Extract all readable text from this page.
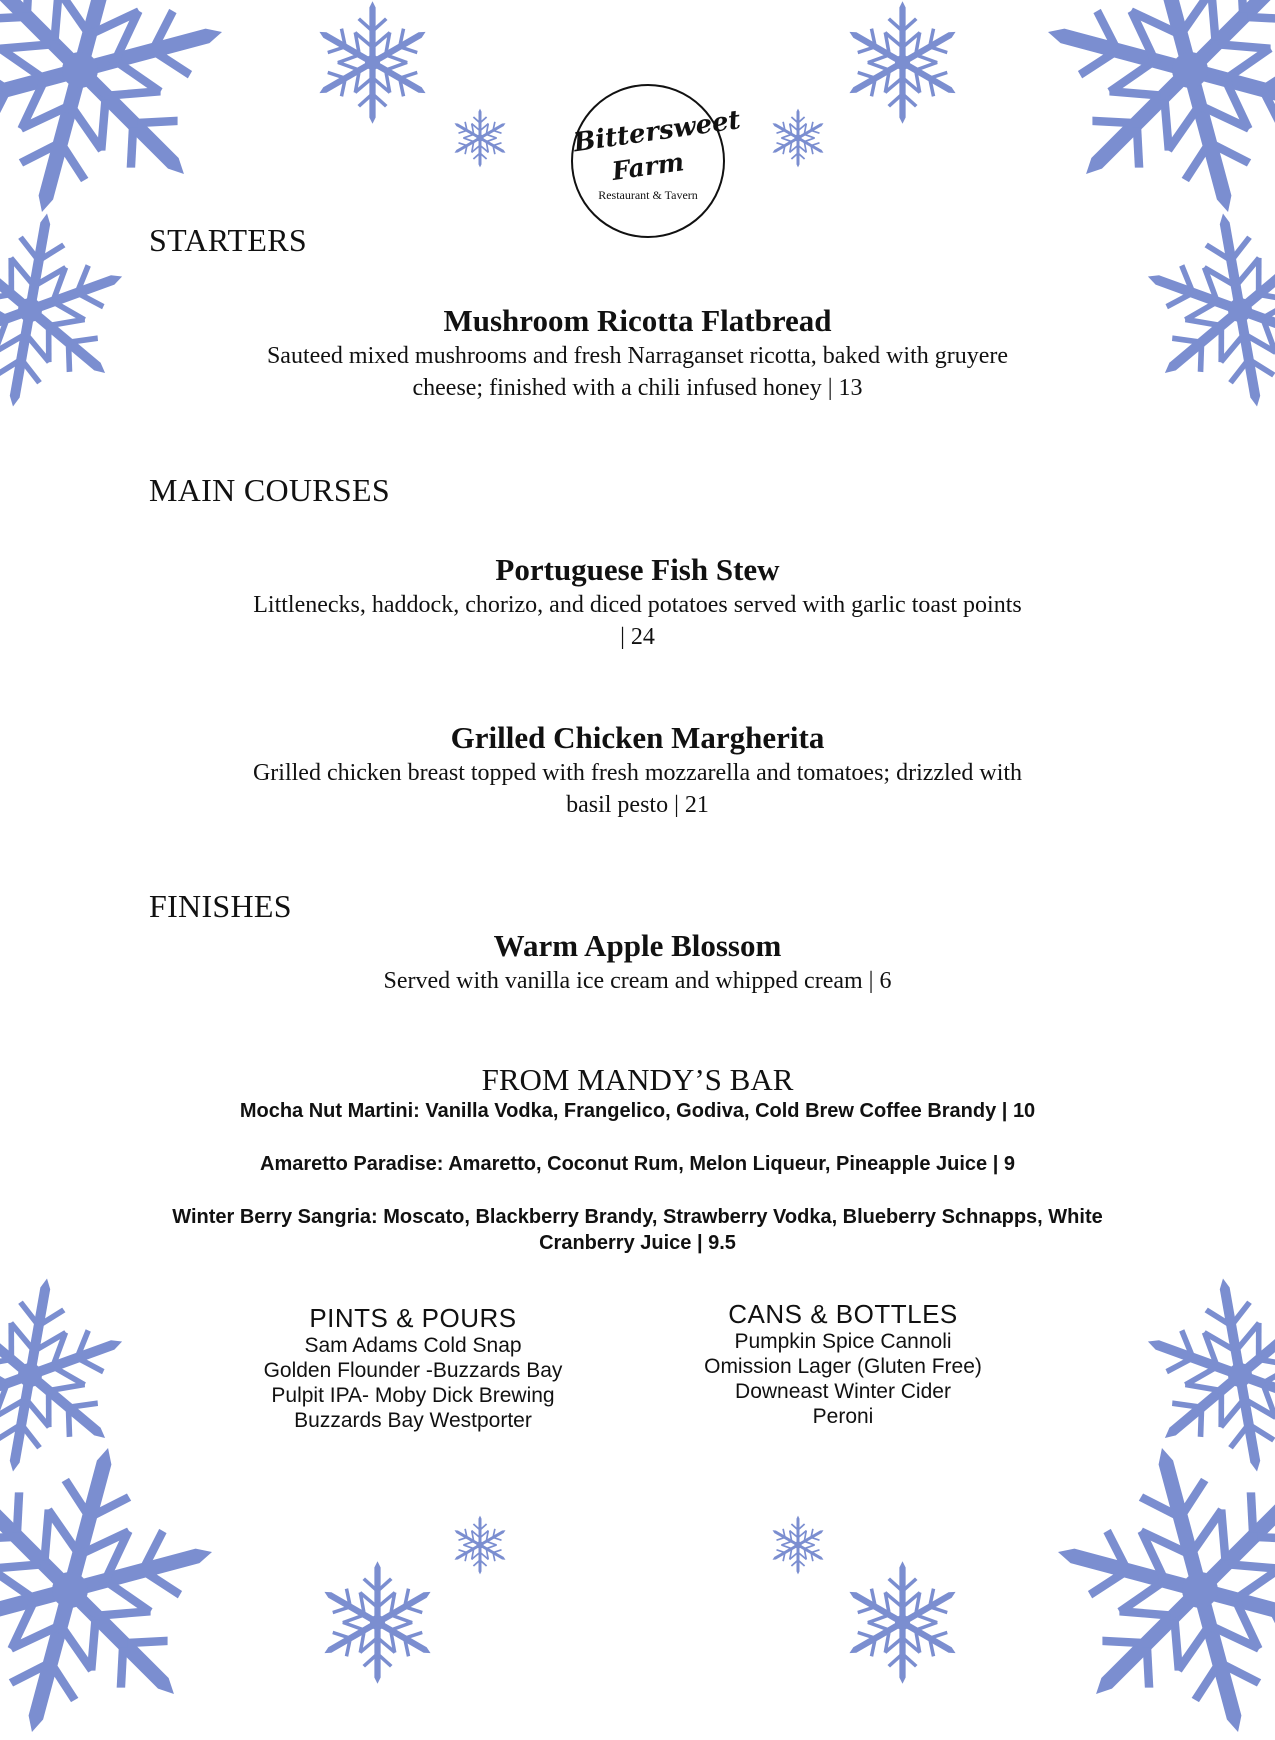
Bittersweet
Farm
Restaurant & Tavern
STARTERS
Mushroom Ricotta Flatbread
Sauteed mixed mushrooms and fresh Narraganset ricotta, baked with gruyere
cheese; finished with a chili infused honey | 13
MAIN COURSES
Portuguese Fish Stew
Littlenecks, haddock, chorizo, and diced potatoes served with garlic toast points
| 24
Grilled Chicken Margherita
Grilled chicken breast topped with fresh mozzarella and tomatoes; drizzled with
basil pesto | 21
FINISHES
Warm Apple Blossom
Served with vanilla ice cream and whipped cream | 6
FROM MANDY’S BAR
Mocha Nut Martini: Vanilla Vodka, Frangelico, Godiva, Cold Brew Coffee Brandy | 10
Amaretto Paradise: Amaretto, Coconut Rum, Melon Liqueur, Pineapple Juice | 9
Winter Berry Sangria: Moscato, Blackberry Brandy, Strawberry Vodka, Blueberry Schnapps, White
Cranberry Juice | 9.5
PINTS & POURS
Sam Adams Cold Snap
Golden Flounder -Buzzards Bay
Pulpit IPA- Moby Dick Brewing
Buzzards Bay Westporter
CANS & BOTTLES
Pumpkin Spice Cannoli
Omission Lager (Gluten Free)
Downeast Winter Cider
Peroni
